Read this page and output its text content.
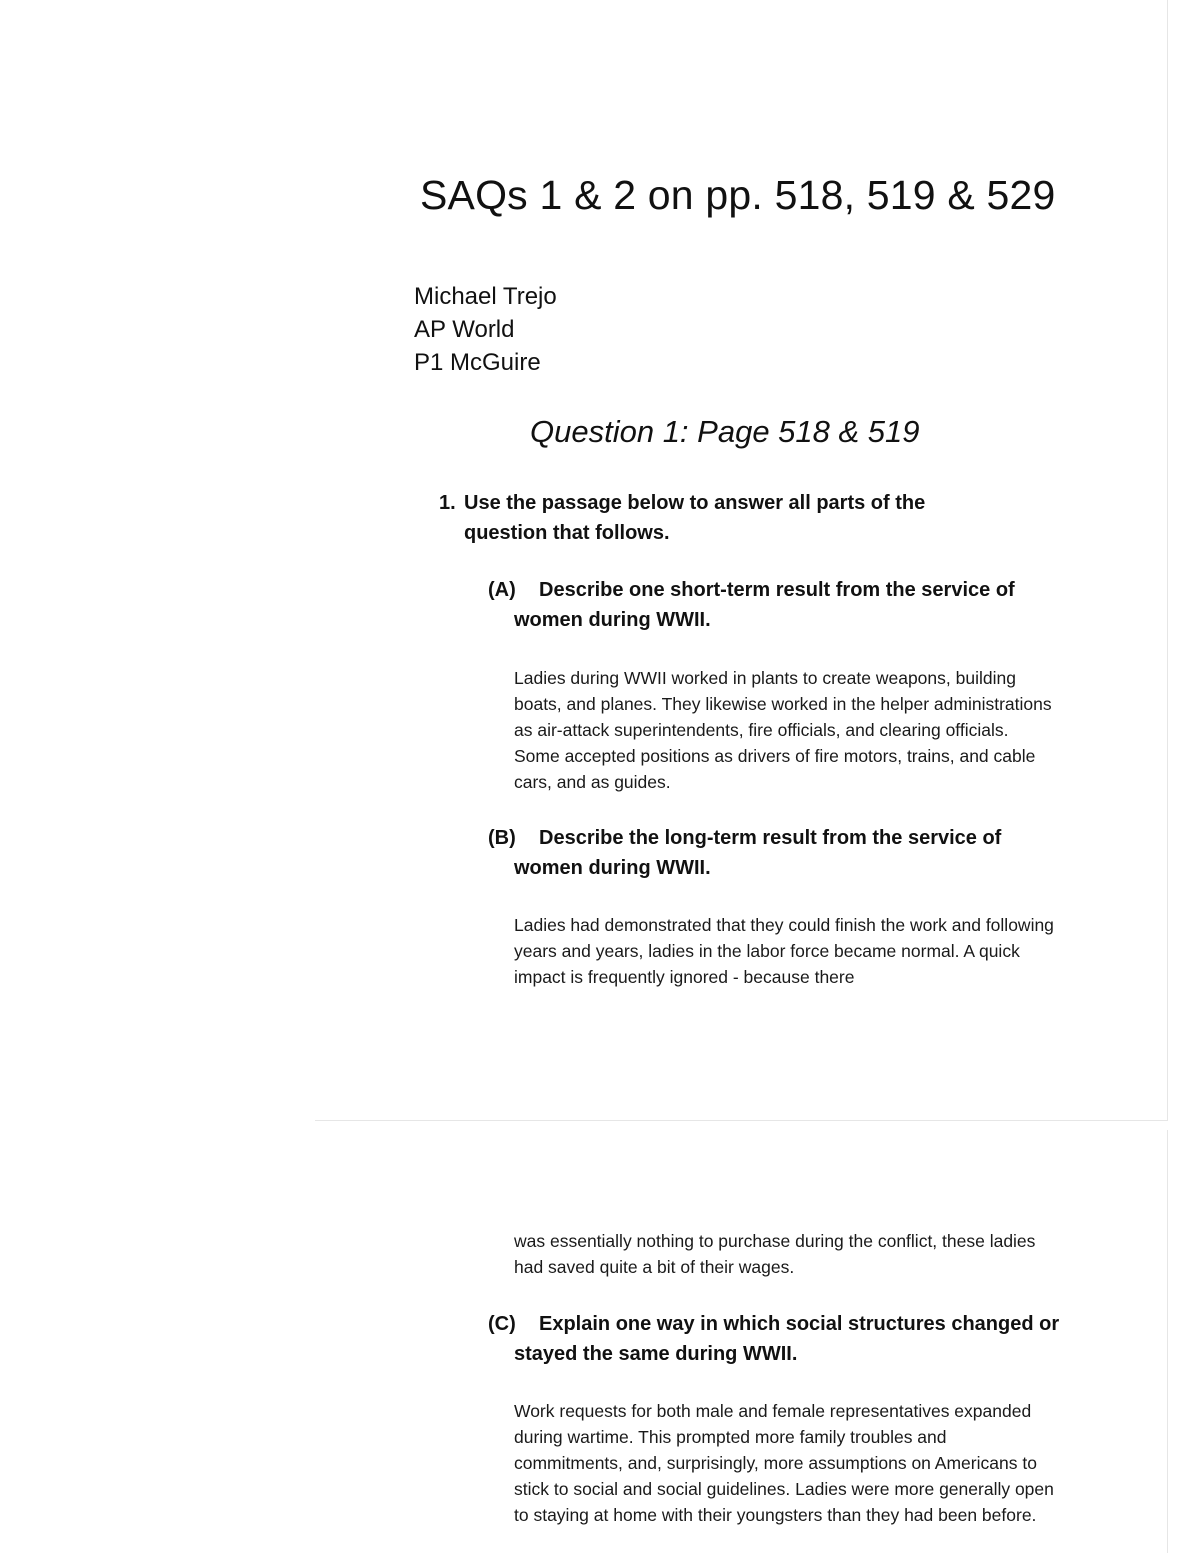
SAQs 1 & 2 on pp. 518, 519 & 529
Michael Trejo
AP World
P1 McGuire
Question 1: Page 518 & 519
1. Use the passage below to answer all parts of the question that follows.
(A)	Describe one short-term result from the service of women during WWII.
Ladies during WWII worked in plants to create weapons, building boats, and planes. They likewise worked in the helper administrations as air-attack superintendents, fire officials, and clearing officials. Some accepted positions as drivers of fire motors, trains, and cable cars, and as guides.
(B)	Describe the long-term result from the service of women during WWII.
Ladies had demonstrated that they could finish the work and following years and years, ladies in the labor force became normal. A quick impact is frequently ignored - because there
was essentially nothing to purchase during the conflict, these ladies had saved quite a bit of their wages.
(C)	Explain one way in which social structures changed or stayed the same during WWII.
Work requests for both male and female representatives expanded during wartime. This prompted more family troubles and commitments, and, surprisingly, more assumptions on Americans to stick to social and social guidelines. Ladies were more generally open to staying at home with their youngsters than they had been before.
